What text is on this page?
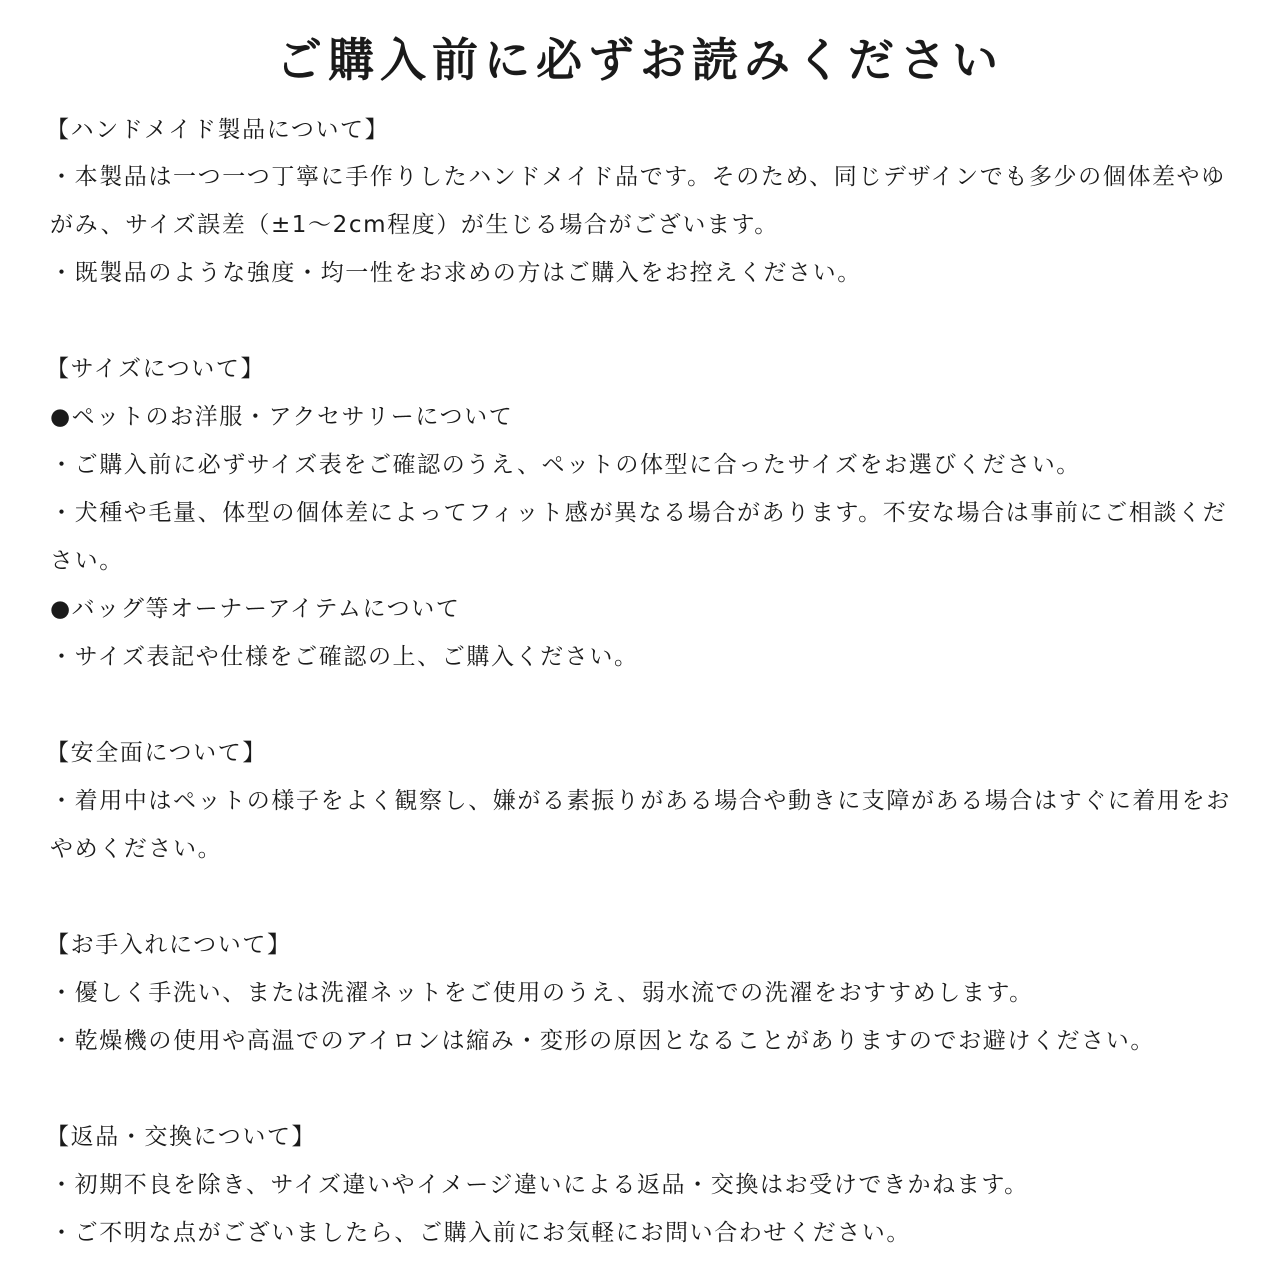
ご購入前に必ずお読みください
【ハンドメイド製品について】
・本製品は一つ一つ丁寧に手作りしたハンドメイド品です。そのため、同じデザインでも多少の個体差やゆ
がみ、サイズ誤差（±1～2cm程度）が生じる場合がございます。
・既製品のような強度・均一性をお求めの方はご購入をお控えください。
【サイズについて】
●ペットのお洋服・アクセサリーについて
・ご購入前に必ずサイズ表をご確認のうえ、ペットの体型に合ったサイズをお選びください。
・犬種や毛量、体型の個体差によってフィット感が異なる場合があります。不安な場合は事前にご相談くだ
さい。
●バッグ等オーナーアイテムについて
・サイズ表記や仕様をご確認の上、ご購入ください。
【安全面について】
・着用中はペットの様子をよく観察し、嫌がる素振りがある場合や動きに支障がある場合はすぐに着用をお
やめください。
【お手入れについて】
・優しく手洗い、または洗濯ネットをご使用のうえ、弱水流での洗濯をおすすめします。
・乾燥機の使用や高温でのアイロンは縮み・変形の原因となることがありますのでお避けください。
【返品・交換について】
・初期不良を除き、サイズ違いやイメージ違いによる返品・交換はお受けできかねます。
・ご不明な点がございましたら、ご購入前にお気軽にお問い合わせください。
